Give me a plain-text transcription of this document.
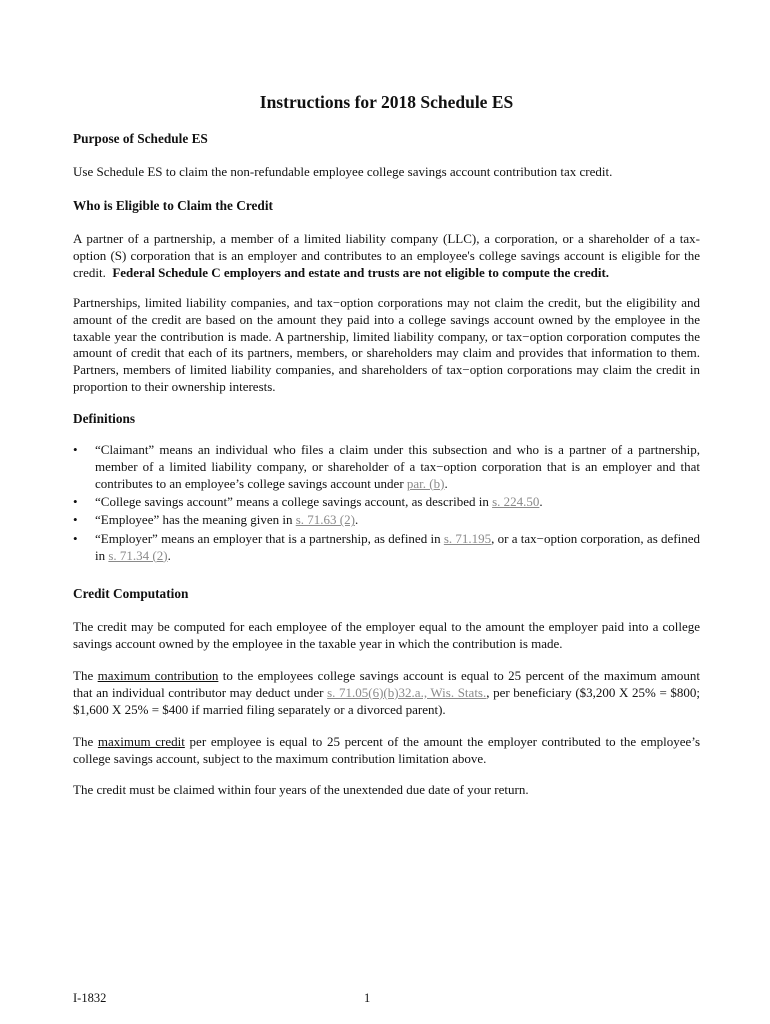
Instructions for 2018 Schedule ES

Purpose of Schedule ES

Use Schedule ES to claim the non-refundable employee college savings account contribution tax credit.

Who is Eligible to Claim the Credit

A partner of a partnership, a member of a limited liability company (LLC), a corporation, or a shareholder of a tax-option (S) corporation that is an employer and contributes to an employee's college savings account is eligible for the credit. Federal Schedule C employers and estate and trusts are not eligible to compute the credit.

Partnerships, limited liability companies, and tax−option corporations may not claim the credit, but the eligibility and amount of the credit are based on the amount they paid into a college savings account owned by the employee in the taxable year the contribution is made. A partnership, limited liability company, or tax−option corporation computes the amount of credit that each of its partners, members, or shareholders may claim and provides that information to them. Partners, members of limited liability companies, and shareholders of tax−option corporations may claim the credit in proportion to their ownership interests.

Definitions

• “Claimant” means an individual who files a claim under this subsection and who is a partner of a partnership, member of a limited liability company, or shareholder of a tax−option corporation that is an employer and that contributes to an employee’s college savings account under par. (b).
• “College savings account” means a college savings account, as described in s. 224.50.
• “Employee” has the meaning given in s. 71.63 (2).
• “Employer” means an employer that is a partnership, as defined in s. 71.195, or a tax−option corporation, as defined in s. 71.34 (2).

Credit Computation

The credit may be computed for each employee of the employer equal to the amount the employer paid into a college savings account owned by the employee in the taxable year in which the contribution is made.

The maximum contribution to the employees college savings account is equal to 25 percent of the maximum amount that an individual contributor may deduct under s. 71.05(6)(b)32.a., Wis. Stats., per beneficiary ($3,200 X 25% = $800; $1,600 X 25% = $400 if married filing separately or a divorced parent).

The maximum credit per employee is equal to 25 percent of the amount the employer contributed to the employee’s college savings account, subject to the maximum contribution limitation above.

The credit must be claimed within four years of the unextended due date of your return.

I-1832	1
